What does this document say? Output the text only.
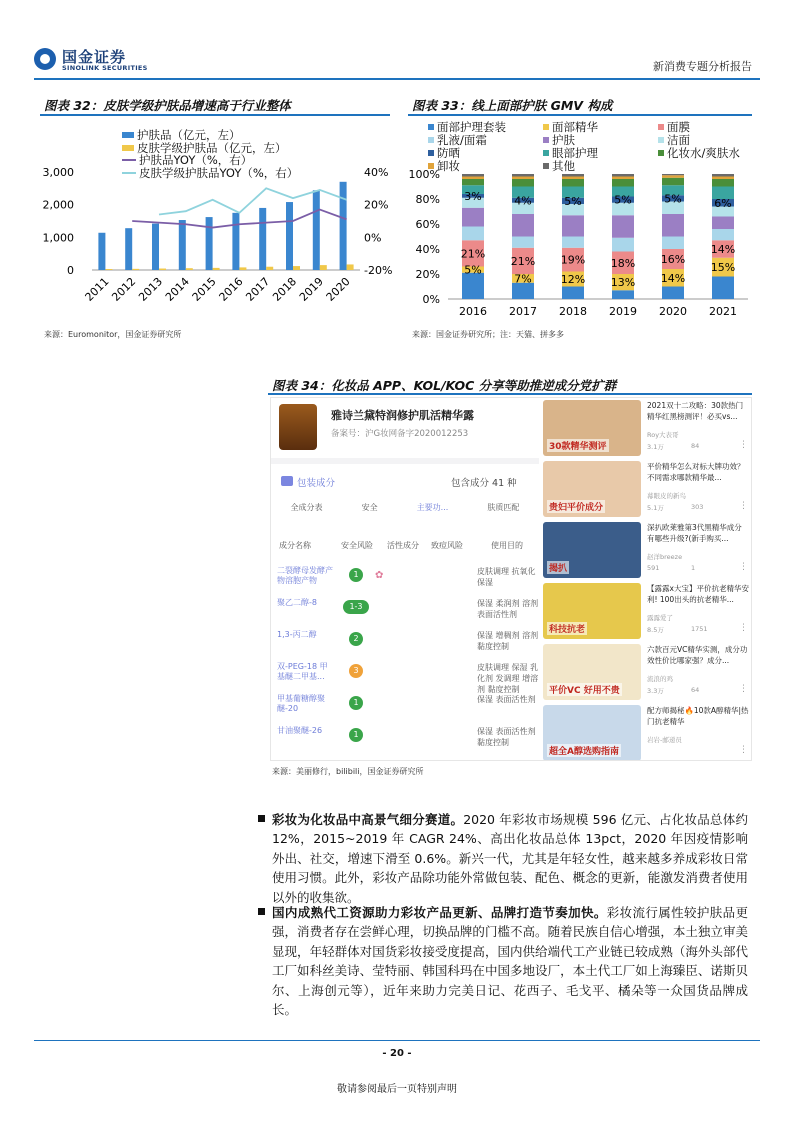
国金证券
SINOLINK SECURITIES	新消费专题分析报告
图表 32：皮肤学级护肤品增速高于行业整体
护肤品（亿元，左）
皮肤学级护肤品（亿元，左）
护肤品YOY（%，右）
皮肤学级护肤品YOY（%，右）
0
1,000
2,000
3,000
-20%
0%
20%
40%
2011
2012
2013
2014
2015
2016
2017
2018
2019
2020
来源：Euromonitor，国金证券研究所
图表 33：线上面部护肤 GMV 构成
面部护理套装	面部精华	面膜
乳液/面霜	护肤	洁面
防晒	眼部护理	化妆水/爽肤水
卸妆	其他
0%
20%
40%
60%
80%
100%
21%
5%
3%
2016
21%
7%
4%
2017
19%
12%
5%
2018
18%
13%
5%
2019
16%
14%
5%
2020
14%
15%
6%
2021
来源：国金证券研究所；注：天猫、拼多多
图表 34：化妆品 APP、KOL/KOC 分享等助推逆成分党扩群
雅诗兰黛特润修护肌活精华露
备案号：沪G妆网备字2020012253
包装成分	包含成分 41 种
全成分表	安全	主要功...	肤质匹配
成分名称	安全风险 活性成分 致痘风险	使用目的
二裂酵母发酵产物溶胞产物
1	皮肤调理 抗氧化 保湿
聚乙二醇-8	1-3	保湿 柔润剂 溶剂 表面活性剂
1,3-丙二醇	2	保湿 增稠剂 溶剂 黏度控制
双-PEG-18 甲基醚二甲基...
3	皮肤调理 保湿 乳化剂 发调理 增溶剂 黏度控制
甲基葡糖醇聚醚-20
1	保湿 表面活性剂
甘油聚醚-26	1	保湿 表面活性剂 黏度控制
✿
30款精华测评
2021双十二攻略：30款热门精华红黑榜测评！必买vs...
Roy大表哥
3.1万	84	⋮
贵妇平价成分
平价精华怎么对标大牌功效？不同需求哪款精华最...
幕眼皮的新鸟
5.1万	303	⋮
揭扒
深扒欧莱雅第3代黑精华成分有哪些升级?(新手购买...
赵洋breeze
591	1	⋮
科技抗老
【露露x大宝】平价抗老精华安利! 100出头的抗老精华...
露露爱了
8.5万	1751	⋮
平价VC 好用不贵
六款百元VC精华实测，成分功效性价比哪家强？成分...
流浪的鸡
3.3万	64	⋮
超全A醇选购指南
配方师揭秘🔥10款A醇精华|热门抗老精华
岩岩-邮递员
⋮
来源：美丽修行，bilibili，国金证券研究所
彩妆为化妆品中高景气细分赛道。2020 年彩妆市场规模 596 亿元、占化妆品总体约 12%，2015~2019 年 CAGR 24%、高出化妆品总体 13pct，2020 年因疫情影响外出、社交，增速下滑至 0.6%。新兴一代，尤其是年轻女性，越来越多养成彩妆日常使用习惯。此外，彩妆产品除功能外常做包装、配色、概念的更新，能激发消费者使用以外的收集欲。
国内成熟代工资源助力彩妆产品更新、品牌打造节奏加快。彩妆流行属性较护肤品更强，消费者存在尝鲜心理，切换品牌的门槛不高。随着民族自信心增强，本土独立审美显现，年轻群体对国货彩妆接受度提高，国内供给端代工产业链已较成熟（海外头部代工厂如科丝美诗、莹特丽、韩国科玛在中国多地设厂，本土代工厂如上海臻臣、诺斯贝尔、上海创元等），近年来助力完美日记、花西子、毛戈平、橘朵等一众国货品牌成长。
- 20 -
敬请参阅最后一页特别声明
